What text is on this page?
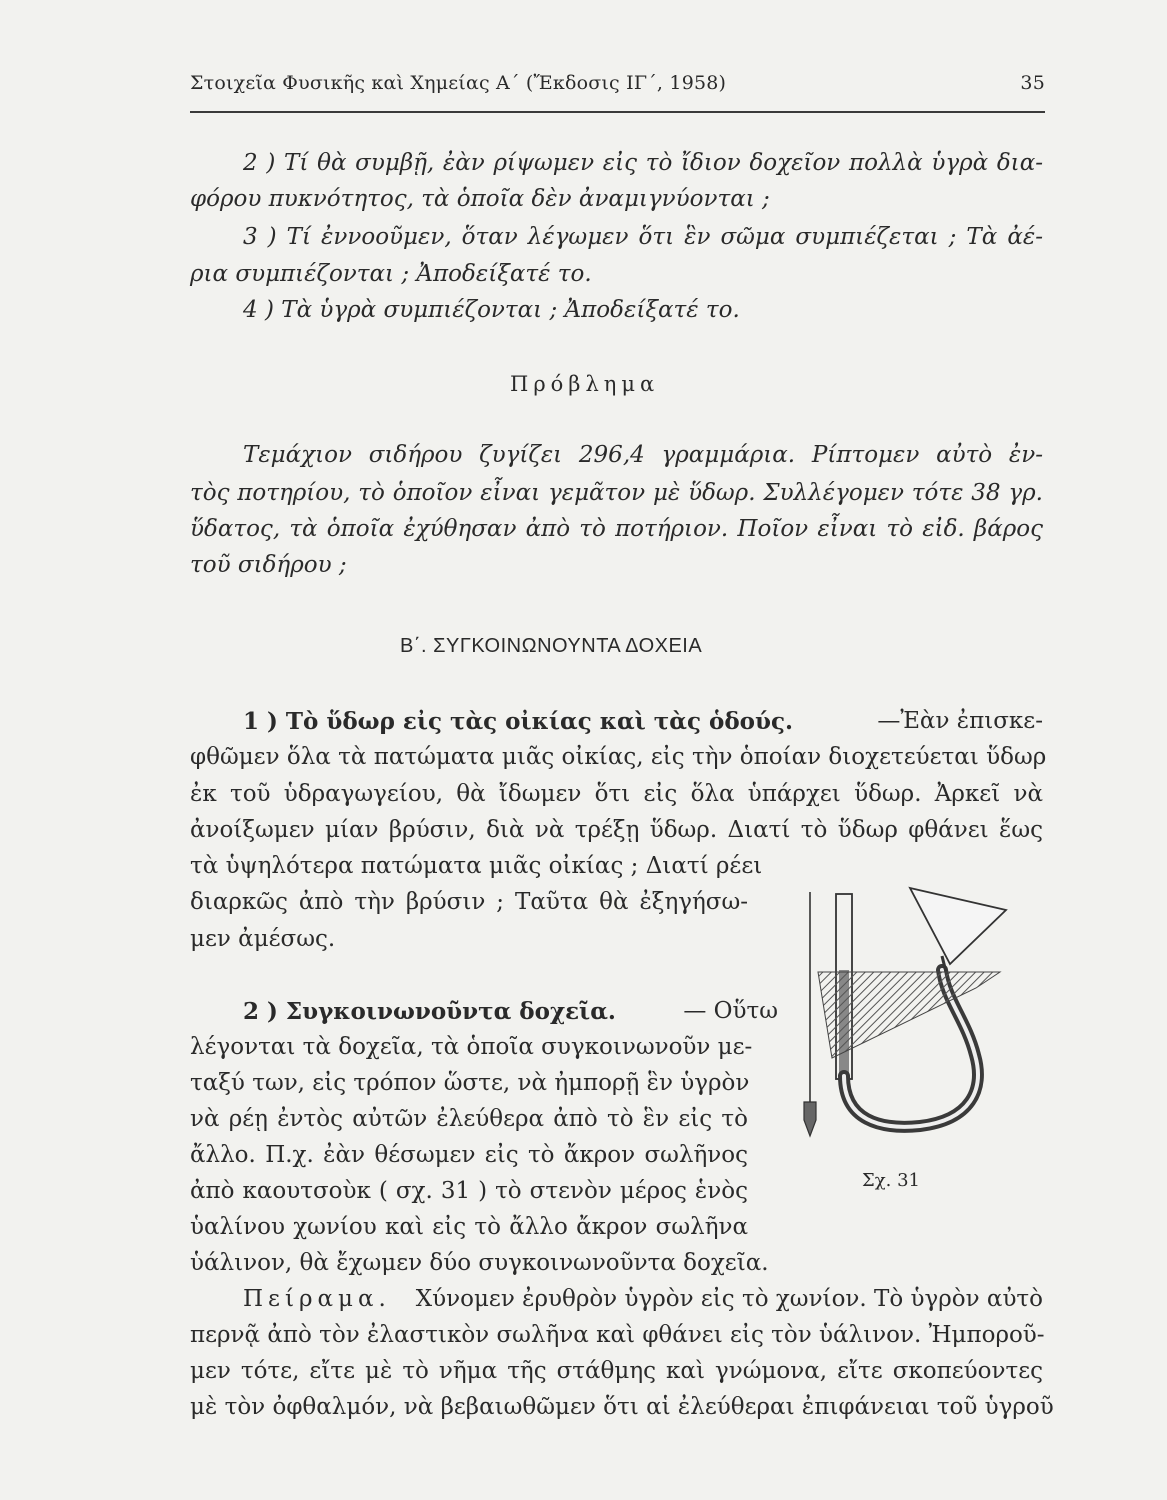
Στοιχεῖα Φυσικῆς καὶ Χημείας Α΄ (Ἔκδοσις ΙΓ΄, 1958)	35
2 ) Τί θὰ συμβῇ, ἐὰν ρίψωμεν εἰς τὸ ἴδιον δοχεῖον πολλὰ ὑγρὰ δια-
φόρου πυκνότητος, τὰ ὁποῖα δὲν ἀναμιγνύονται ;
3 ) Τί ἐννοοῦμεν, ὅταν λέγωμεν ὅτι ἓν σῶμα συμπιέζεται ; Τὰ ἀέ-
ρια συμπιέζονται ; Ἀποδείξατέ το.
4 ) Τὰ ὑγρὰ συμπιέζονται ; Ἀποδείξατέ το.
Πρόβλημα
Τεμάχιον σιδήρου ζυγίζει 296,4 γραμμάρια. Ρίπτομεν αὐτὸ ἐν-
τὸς ποτηρίου, τὸ ὁποῖον εἶναι γεμᾶτον μὲ ὕδωρ. Συλλέγομεν τότε 38 γρ.
ὕδατος, τὰ ὁποῖα ἐχύθησαν ἀπὸ τὸ ποτήριον. Ποῖον εἶναι τὸ εἰδ. βάρος
τοῦ σιδήρου ;
Β΄. ΣΥΓΚΟΙΝΩΝΟΥΝΤΑ ΔΟΧΕΙΑ
1 ) Τὸ ὕδωρ εἰς τὰς οἰκίας καὶ τὰς ὁδούς.	—Ἐὰν ἐπισκε-
φθῶμεν ὅλα τὰ πατώματα μιᾶς οἰκίας, εἰς τὴν ὁποίαν διοχετεύεται ὕδωρ
ἐκ τοῦ ὑδραγωγείου, θὰ ἴδωμεν ὅτι εἰς ὅλα ὑπάρχει ὕδωρ. Ἀρκεῖ νὰ
ἀνοίξωμεν μίαν βρύσιν, διὰ νὰ τρέξῃ ὕδωρ. Διατί τὸ ὕδωρ φθάνει ἕως
τὰ ὑψηλότερα πατώματα μιᾶς οἰκίας ; Διατί ρέει
διαρκῶς ἀπὸ τὴν βρύσιν ; Ταῦτα θὰ ἐξηγήσω-
μεν ἀμέσως.
2 ) Συγκοινωνοῦντα δοχεῖα.	— Οὕτω
λέγονται τὰ δοχεῖα, τὰ ὁποῖα συγκοινωνοῦν με-
ταξύ των, εἰς τρόπον ὥστε, νὰ ἠμπορῇ ἓν ὑγρὸν
νὰ ρέῃ ἐντὸς αὐτῶν ἐλεύθερα ἀπὸ τὸ ἓν εἰς τὸ
ἄλλο. Π.χ. ἐὰν θέσωμεν εἰς τὸ ἄκρον σωλῆνος
ἀπὸ καουτσοὺκ ( σχ. 31 ) τὸ στενὸν μέρος ἑνὸς
ὑαλίνου χωνίου καὶ εἰς τὸ ἄλλο ἄκρον σωλῆνα
ὑάλινον, θὰ ἔχωμεν δύο συγκοινωνοῦντα δοχεῖα.
Σχ. 31
Πείραμα. Χύνομεν ἐρυθρὸν ὑγρὸν εἰς τὸ χωνίον. Τὸ ὑγρὸν αὐτὸ
περνᾷ ἀπὸ τὸν ἐλαστικὸν σωλῆνα καὶ φθάνει εἰς τὸν ὑάλινον. Ἠμποροῦ-
μεν τότε, εἴτε μὲ τὸ νῆμα τῆς στάθμης καὶ γνώμονα, εἴτε σκοπεύοντες
μὲ τὸν ὀφθαλμόν, νὰ βεβαιωθῶμεν ὅτι αἱ ἐλεύθεραι ἐπιφάνειαι τοῦ ὑγροῦ
